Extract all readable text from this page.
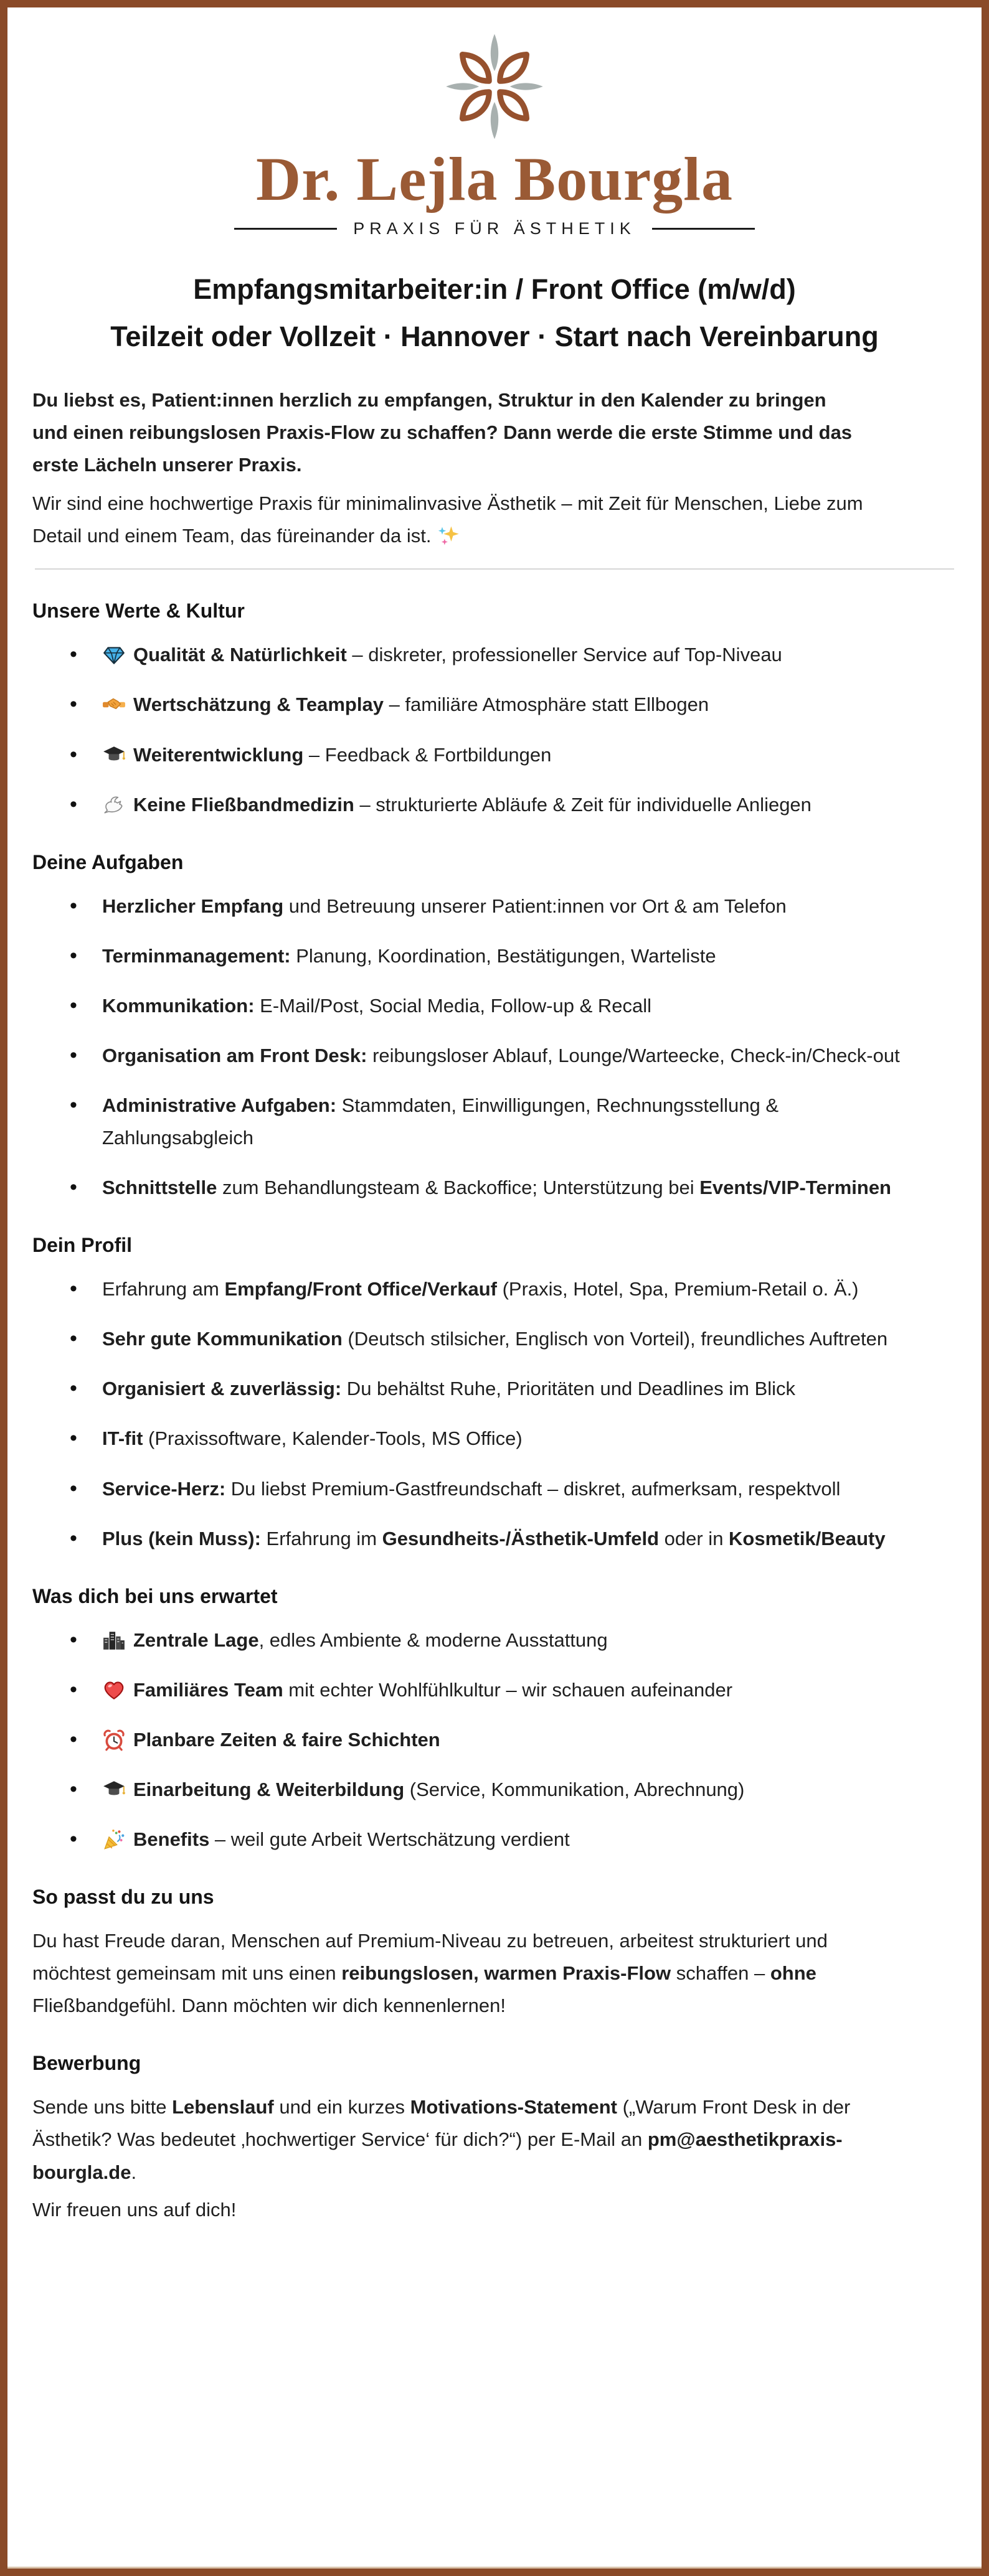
Dr. Lejla Bourgla
PRAXIS FÜR ÄSTHETIK
Empfangsmitarbeiter:in / Front Office (m/w/d)
Teilzeit oder Vollzeit · Hannover · Start nach Vereinbarung

Du liebst es, Patient:innen herzlich zu empfangen, Struktur in den Kalender zu bringen und einen reibungslosen Praxis-Flow zu schaffen? Dann werde die erste Stimme und das erste Lächeln unserer Praxis.

Wir sind eine hochwertige Praxis für minimalinvasive Ästhetik – mit Zeit für Menschen, Liebe zum Detail und einem Team, das füreinander da ist.

Unsere Werte & Kultur
• Qualität & Natürlichkeit – diskreter, professioneller Service auf Top-Niveau
• Wertschätzung & Teamplay – familiäre Atmosphäre statt Ellbogen
• Weiterentwicklung – Feedback & Fortbildungen
• Keine Fließbandmedizin – strukturierte Abläufe & Zeit für individuelle Anliegen
Deine Aufgaben
• Herzlicher Empfang und Betreuung unserer Patient:innen vor Ort & am Telefon
• Terminmanagement: Planung, Koordination, Bestätigungen, Warteliste
• Kommunikation: E-Mail/Post, Social Media, Follow-up & Recall
• Organisation am Front Desk: reibungsloser Ablauf, Lounge/Warteecke, Check-in/Check-out
• Administrative Aufgaben: Stammdaten, Einwilligungen, Rechnungsstellung & Zahlungsabgleich
• Schnittstelle zum Behandlungsteam & Backoffice; Unterstützung bei Events/VIP-Terminen
Dein Profil
• Erfahrung am Empfang/Front Office/Verkauf (Praxis, Hotel, Spa, Premium-Retail o. Ä.)
• Sehr gute Kommunikation (Deutsch stilsicher, Englisch von Vorteil), freundliches Auftreten
• Organisiert & zuverlässig: Du behältst Ruhe, Prioritäten und Deadlines im Blick
• IT-fit (Praxissoftware, Kalender-Tools, MS Office)
• Service-Herz: Du liebst Premium-Gastfreundschaft – diskret, aufmerksam, respektvoll
• Plus (kein Muss): Erfahrung im Gesundheits-/Ästhetik-Umfeld oder in Kosmetik/Beauty
Was dich bei uns erwartet
• Zentrale Lage, edles Ambiente & moderne Ausstattung
• Familiäres Team mit echter Wohlfühlkultur – wir schauen aufeinander
• Planbare Zeiten & faire Schichten
• Einarbeitung & Weiterbildung (Service, Kommunikation, Abrechnung)
• Benefits – weil gute Arbeit Wertschätzung verdient
So passt du zu uns

Du hast Freude daran, Menschen auf Premium-Niveau zu betreuen, arbeitest strukturiert und möchtest gemeinsam mit uns einen reibungslosen, warmen Praxis-Flow schaffen – ohne Fließbandgefühl. Dann möchten wir dich kennenlernen!

Bewerbung

Sende uns bitte Lebenslauf und ein kurzes Motivations-Statement („Warum Front Desk in der Ästhetik? Was bedeutet ‚hochwertiger Service‘ für dich?“) per E-Mail an pm@aesthetikpraxis-bourgla.de.

Wir freuen uns auf dich!
